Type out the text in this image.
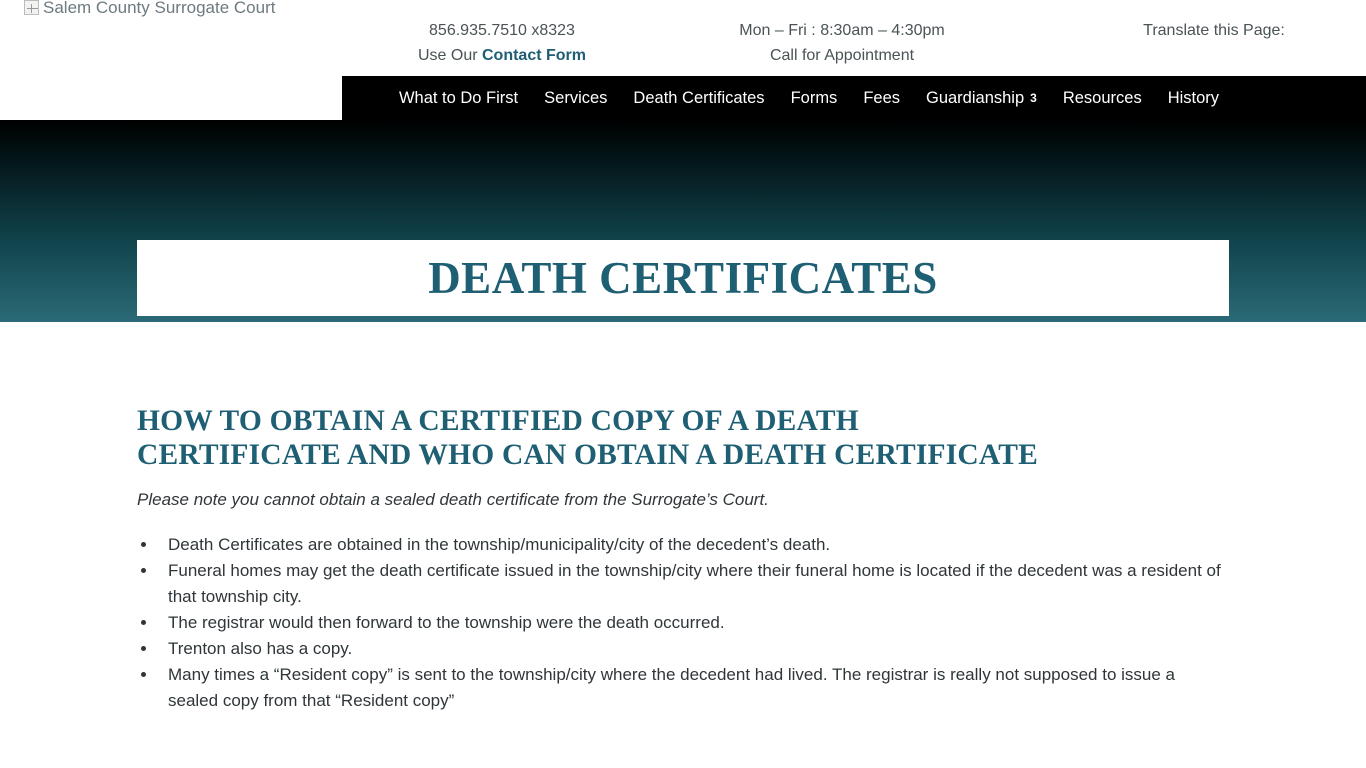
Salem County Surrogate Court
856.935.7510 x8323
Use Our Contact Form
Mon – Fri : 8:30am – 4:30pm
Call for Appointment
Translate this Page:
What to Do First	Services	Death Certificates	Forms	Fees	Guardianship 3	Resources	History
DEATH CERTIFICATES
HOW TO OBTAIN A CERTIFIED COPY OF A DEATH CERTIFICATE AND WHO CAN OBTAIN A DEATH CERTIFICATE

Please note you cannot obtain a sealed death certificate from the Surrogate’s Court.

• Death Certificates are obtained in the township/municipality/city of the decedent’s death.
• Funeral homes may get the death certificate issued in the township/city where their funeral home is located if the decedent was a resident of that township city.
• The registrar would then forward to the township were the death occurred.
• Trenton also has a copy.
• Many times a “Resident copy” is sent to the township/city where the decedent had lived. The registrar is really not supposed to issue a sealed copy from that “Resident copy”
